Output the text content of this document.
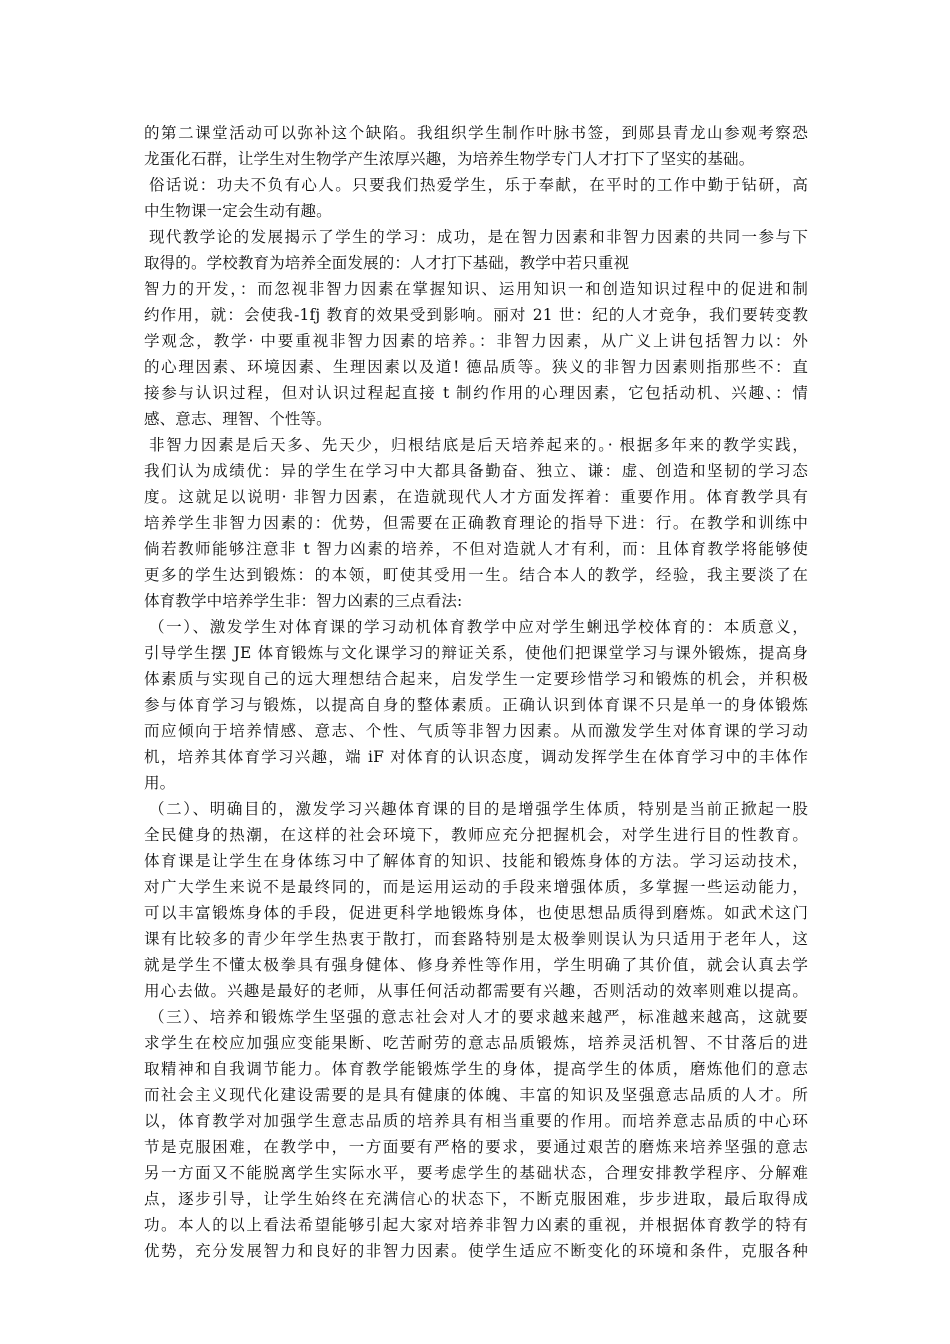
的第二课堂活动可以弥补这个缺陷。我组织学生制作叶脉书签，到郧县青龙山参观考察恐
龙蛋化石群，让学生对生物学产生浓厚兴趣，为培养生物学专门人才打下了坚实的基础。
俗话说：功夫不负有心人。只要我们热爱学生，乐于奉献，在平时的工作中勤于钻研，高
中生物课一定会生动有趣。
现代教学论的发展揭示了学生的学习：成功，是在智力因素和非智力因素的共同一参与下
取得的。学校教育为培养全面发展的：人才打下基础，教学中若只重视
智力的开发，：而忽视非智力因素在掌握知识、运用知识一和创造知识过程中的促进和制
约作用，就：会使我-1fj 教育的效果受到影响。丽对 21 世：纪的人才竞争，我们要转变教
学观念，教学· 中要重视非智力因素的培养。：非智力因素，从广义上讲包括智力以：外
的心理因素、环境因素、生理因素以及道! 德品质等。狭义的非智力因素则指那些不：直
接参与认识过程，但对认识过程起直接 t 制约作用的心理因素，它包括动机、兴趣、：情
感、意志、理智、个性等。
非智力因素是后天多、先天少，归根结底是后天培养起来的。· 根据多年来的教学实践，
我们认为成绩优：异的学生在学习中大都具备勤奋、独立、谦：虚、创造和坚韧的学习态
度。这就足以说明· 非智力因素，在造就现代人才方面发挥着：重要作用。体育教学具有
培养学生非智力因素的：优势，但需要在正确教育理论的指导下进：行。在教学和训练中
倘若教师能够注意非 t 智力凶素的培养，不但对造就人才有利，而：且体育教学将能够使
更多的学生达到锻炼：的本领，町使其受用一生。结合本人的教学，经验，我主要淡了在
体育教学中培养学生非：智力凶素的三点看法:
（一）、激发学生对体育课的学习动机体育教学中应对学生蜊迅学校体育的：本质意义，
引导学生摆 JE 体育锻炼与文化课学习的辩证关系，使他们把课堂学习与课外锻炼，提高身
体素质与实现自己的远大理想结合起来，启发学生一定要珍惜学习和锻炼的机会，并积极
参与体育学习与锻炼，以提高自身的整体素质。正确认识到体育课不只是单一的身体锻炼
而应倾向于培养情感、意志、个性、气质等非智力因素。从而激发学生对体育课的学习动
机，培养其体育学习兴趣，端 iF 对体育的认识态度，调动发挥学生在体育学习中的丰体作
用。
（二）、明确目的，激发学习兴趣体育课的目的是增强学生体质，特别是当前正掀起一股
全民健身的热潮，在这样的社会环境下，教师应充分把握机会，对学生进行目的性教育。
体育课是让学生在身体练习中了解体育的知识、技能和锻炼身体的方法。学习运动技术，
对广大学生来说不是最终同的，而是运用运动的手段来增强体质，多掌握一些运动能力，
可以丰富锻炼身体的手段，促进更科学地锻炼身体，也使思想品质得到磨炼。如武术这门
课有比较多的青少年学生热衷于散打，而套路特别是太极拳则误认为只适用于老年人，这
就是学生不懂太极拳具有强身健体、修身养性等作用，学生明确了其价值，就会认真去学
用心去做。兴趣是最好的老师，从事任何活动都需要有兴趣，否则活动的效率则难以提高。
（三）、培养和锻炼学生坚强的意志社会对人才的要求越来越严，标准越来越高，这就要
求学生在校应加强应变能果断、吃苦耐劳的意志品质锻炼，培养灵活机智、不甘落后的进
取精神和自我调节能力。体育教学能锻炼学生的身体，提高学生的体质，磨炼他们的意志
而社会主义现代化建设需要的是具有健康的体魄、丰富的知识及坚强意志品质的人才。所
以，体育教学对加强学生意志品质的培养具有相当重要的作用。而培养意志品质的中心环
节是克服困难，在教学中，一方面要有严格的要求，要通过艰苦的磨炼来培养坚强的意志
另一方面又不能脱离学生实际水平，要考虑学生的基础状态，合理安排教学程序、分解难
点，逐步引导，让学生始终在充满信心的状态下，不断克服困难，步步进取，最后取得成
功。本人的以上看法希望能够引起大家对培养非智力凶素的重视，并根据体育教学的特有
优势，充分发展智力和良好的非智力因素。使学生适应不断变化的环境和条件，克服各种
